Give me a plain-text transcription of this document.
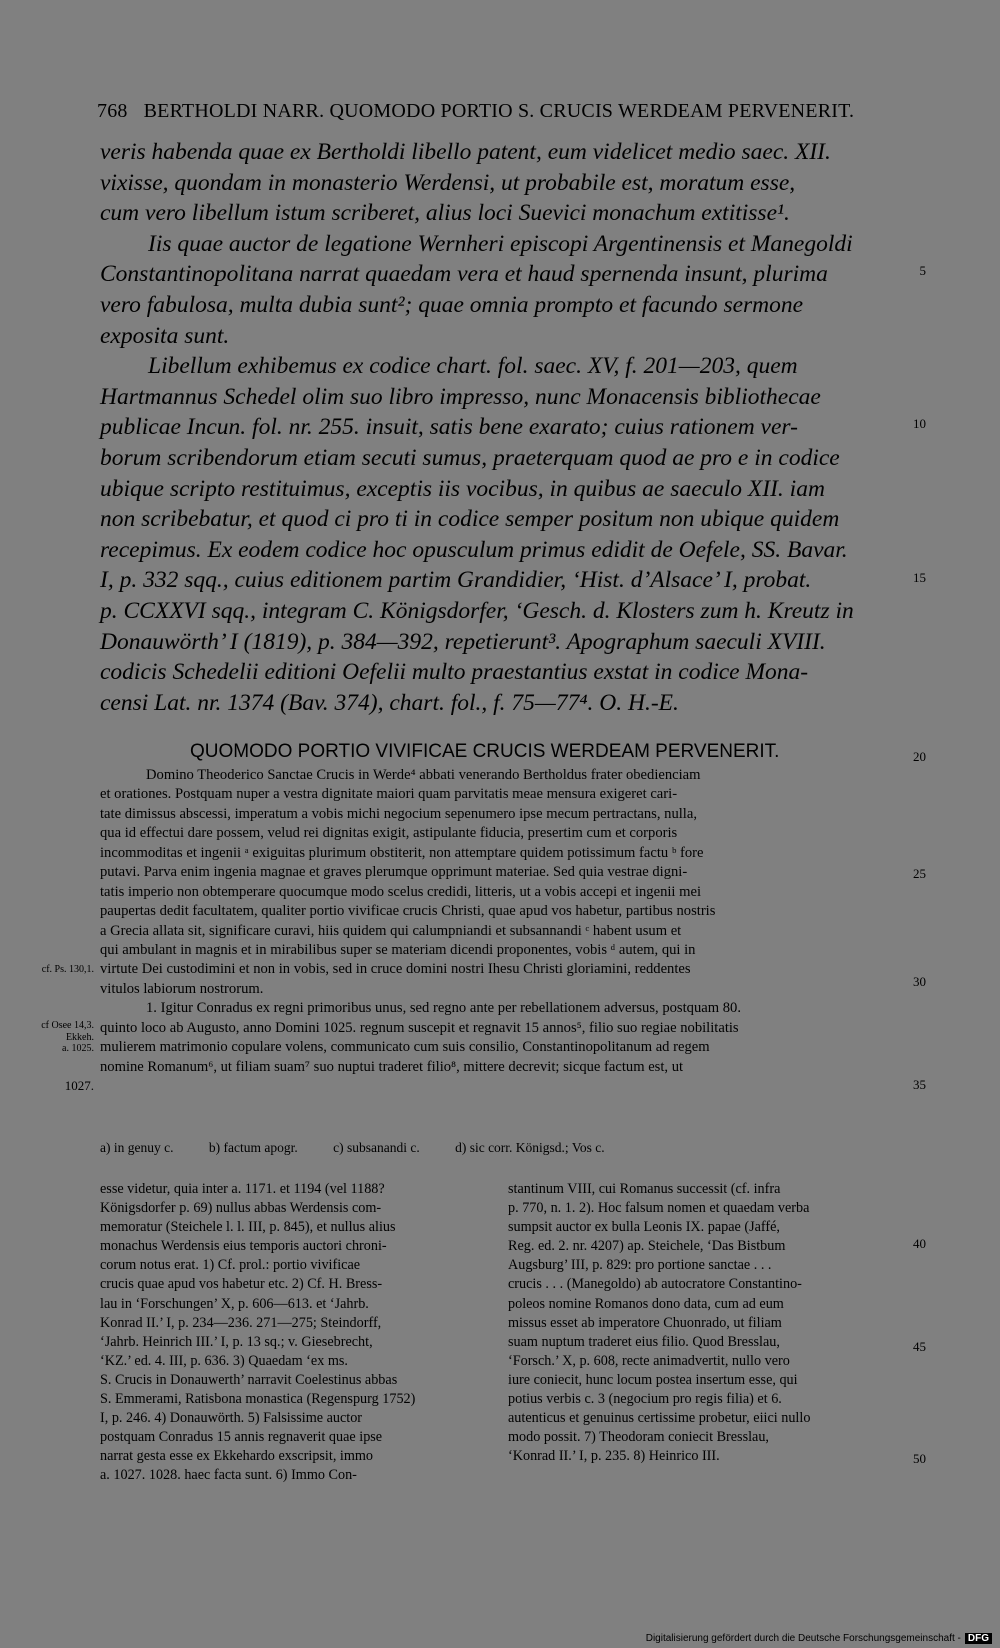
768 BERTHOLDI NARR. QUOMODO PORTIO S. CRUCIS WERDEAM PERVENERIT.
veris habenda quae ex Bertholdi libello patent, eum videlicet medio saec. XII.
vixisse, quondam in monasterio Werdensi, ut probabile est, moratum esse,
cum vero libellum istum scriberet, alius loci Suevici monachum extitisse¹.
Iis quae auctor de legatione Wernheri episcopi Argentinensis et Manegoldi
Constantinopolitana narrat quaedam vera et haud spernenda insunt, plurima
vero fabulosa, multa dubia sunt²; quae omnia prompto et facundo sermone
exposita sunt.
Libellum exhibemus ex codice chart. fol. saec. XV, f. 201—203, quem
Hartmannus Schedel olim suo libro impresso, nunc Monacensis bibliothecae
publicae Incun. fol. nr. 255. insuit, satis bene exarato; cuius rationem ver-
borum scribendorum etiam secuti sumus, praeterquam quod ae pro e in codice
ubique scripto restituimus, exceptis iis vocibus, in quibus ae saeculo XII. iam
non scribebatur, et quod ci pro ti in codice semper positum non ubique quidem
recepimus. Ex eodem codice hoc opusculum primus edidit de Oefele, SS. Bavar.
I, p. 332 sqq., cuius editionem partim Grandidier, ‘Hist. d’Alsace’ I, probat.
p. CCXXVI sqq., integram C. Königsdorfer, ‘Gesch. d. Klosters zum h. Kreutz in
Donauwörth’ I (1819), p. 384—392, repetierunt³. Apographum saeculi XVIII.
codicis Schedelii editioni Oefelii multo praestantius exstat in codice Mona-
censi Lat. nr. 1374 (Bav. 374), chart. fol., f. 75—77⁴. O. H.-E.
5
10
15
20
25
30
35
40
45
50
QUOMODO PORTIO VIVIFICAE CRUCIS WERDEAM PERVENERIT.
Domino Theoderico Sanctae Crucis in Werde⁴ abbati venerando Bertholdus frater obedienciam
et orationes. Postquam nuper a vestra dignitate maiori quam parvitatis meae mensura exigeret cari-
tate dimissus abscessi, imperatum a vobis michi negocium sepenumero ipse mecum pertractans, nulla,
qua id effectui dare possem, velud rei dignitas exigit, astipulante fiducia, presertim cum et corporis
incommoditas et ingenii ᵃ exiguitas plurimum obstiterit, non attemptare quidem potissimum factu ᵇ fore
putavi. Parva enim ingenia magnae et graves plerumque opprimunt materiae. Sed quia vestrae digni-
tatis imperio non obtemperare quocumque modo scelus credidi, litteris, ut a vobis accepi et ingenii mei
paupertas dedit facultatem, qualiter portio vivificae crucis Christi, quae apud vos habetur, partibus nostris
a Grecia allata sit, significare curavi, hiis quidem qui calumpniandi et subsannandi ᶜ habent usum et
qui ambulant in magnis et in mirabilibus super se materiam dicendi proponentes, vobis ᵈ autem, qui in
virtute Dei custodimini et non in vobis, sed in cruce domini nostri Ihesu Christi gloriamini, reddentes
vitulos labiorum nostrorum.
1. Igitur Conradus ex regni primoribus unus, sed regno ante per rebellationem adversus, postquam 80.
quinto loco ab Augusto, anno Domini 1025. regnum suscepit et regnavit 15 annos⁵, filio suo regiae nobilitatis
mulierem matrimonio copulare volens, communicato cum suis consilio, Constantinopolitanum ad regem
nomine Romanum⁶, ut filiam suam⁷ suo nuptui traderet filio⁸, mittere decrevit; sicque factum est, ut
cf. Ps. 130,1.
cf Osee 14,3.
Ekkeh.
a. 1025.
1027.
a) in genuy c.	b) factum apogr.	c) subsanandi c.	d) sic corr. Königsd.; Vos c.
esse videtur, quia inter a. 1171. et 1194 (vel 1188?
Königsdorfer p. 69) nullus abbas Werdensis com-
memoratur (Steichele l. l. III, p. 845), et nullus alius
monachus Werdensis eius temporis auctori chroni-
corum notus erat. 1) Cf. prol.: portio vivificae
crucis quae apud vos habetur etc. 2) Cf. H. Bress-
lau in ‘Forschungen’ X, p. 606—613. et ‘Jahrb.
Konrad II.’ I, p. 234—236. 271—275; Steindorff,
‘Jahrb. Heinrich III.’ I, p. 13 sq.; v. Giesebrecht,
‘KZ.’ ed. 4. III, p. 636. 3) Quaedam ‘ex ms.
S. Crucis in Donauwerth’ narravit Coelestinus abbas
S. Emmerami, Ratisbona monastica (Regenspurg 1752)
I, p. 246. 4) Donauwörth. 5) Falsissime auctor
postquam Conradus 15 annis regnaverit quae ipse
narrat gesta esse ex Ekkehardo exscripsit, immo
a. 1027. 1028. haec facta sunt. 6) Immo Con-
stantinum VIII, cui Romanus successit (cf. infra
p. 770, n. 1. 2). Hoc falsum nomen et quaedam verba
sumpsit auctor ex bulla Leonis IX. papae (Jaffé,
Reg. ed. 2. nr. 4207) ap. Steichele, ‘Das Bistbum
Augsburg’ III, p. 829: pro portione sanctae . . .
crucis . . . (Manegoldo) ab autocratore Constantino-
poleos nomine Romanos dono data, cum ad eum
missus esset ab imperatore Chuonrado, ut filiam
suam nuptum traderet eius filio. Quod Bresslau,
‘Forsch.’ X, p. 608, recte animadvertit, nullo vero
iure coniecit, hunc locum postea insertum esse, qui
potius verbis c. 3 (negocium pro regis filia) et 6.
autenticus et genuinus certissime probetur, eiici nullo
modo possit. 7) Theodoram coniecit Bresslau,
‘Konrad II.’ I, p. 235. 8) Heinrico III.
Digitalisierung gefördert durch die Deutsche Forschungsgemeinschaft - DFG
